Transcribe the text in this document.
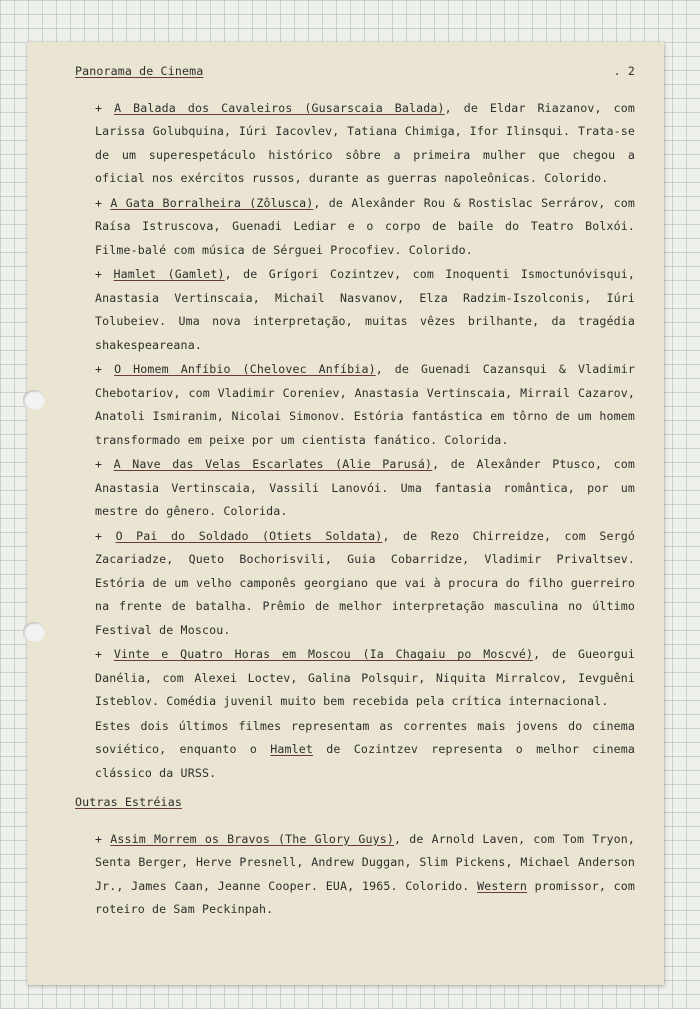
Panorama de Cinema	. 2

+ A Balada dos Cavaleiros (Gusarscaia Balada), de Eldar Riazanov, com Larissa Golubquina, Iúri Iacovlev, Tatiana Chimiga, Ifor Ilinsqui. Trata-se de um superespetáculo histórico sôbre a primeira mulher que chegou a oficial nos exércitos russos, durante as guerras napoleônicas. Colorido.

+ A Gata Borralheira (Zôlusca), de Alexânder Rou & Rostislac Serrárov, com Raísa Istruscova, Guenadi Lediar e o corpo de baile do Teatro Bolxói. Filme-balé com música de Sérguei Procofiev. Colorido.

+ Hamlet (Gamlet), de Grígori Cozintzev, com Inoquenti Ismoctunóvisqui, Anastasia Vertinscaia, Michail Nasvanov, Elza Radzim-Iszolconis, Iúri Tolubeiev. Uma nova interpretação, muitas vêzes brilhante, da tragédia shakespeareana.

+ O Homem Anfíbio (Chelovec Anfíbia), de Guenadi Cazansqui & Vladimir Chebotariov, com Vladimir Coreniev, Anastasia Vertinscaia, Mirrail Cazarov, Anatoli Ismiranim, Nicolai Simonov. Estória fantástica em tôrno de um homem transformado em peixe por um cientista fanático. Colorida.

+ A Nave das Velas Escarlates (Alie Parusá), de Alexânder Ptusco, com Anastasia Vertinscaia, Vassili Lanovói. Uma fantasia romântica, por um mestre do gênero. Colorida.

+ O Pai do Soldado (Otiets Soldata), de Rezo Chirreidze, com Sergó Zacariadze, Queto Bochorisvili, Guia Cobarridze, Vladimir Privaltsev. Estória de um velho camponês georgiano que vai à procura do filho guerreiro na frente de batalha. Prêmio de melhor interpretação masculina no último Festival de Moscou.

+ Vinte e Quatro Horas em Moscou (Ia Chagaiu po Moscvé), de Gueorgui Danélia, com Alexei Loctev, Galina Polsquir, Niquita Mirralcov, Ievguêni Isteblov. Comédia juvenil muito bem recebida pela crítica internacional.

Estes dois últimos filmes representam as correntes mais jovens do cinema soviético, enquanto o Hamlet de Cozintzev representa o melhor cinema clássico da URSS.

Outras Estréias

+ Assim Morrem os Bravos (The Glory Guys), de Arnold Laven, com Tom Tryon, Senta Berger, Herve Presnell, Andrew Duggan, Slim Pickens, Michael Anderson Jr., James Caan, Jeanne Cooper. EUA, 1965. Colorido. Western promissor, com roteiro de Sam Peckinpah.
